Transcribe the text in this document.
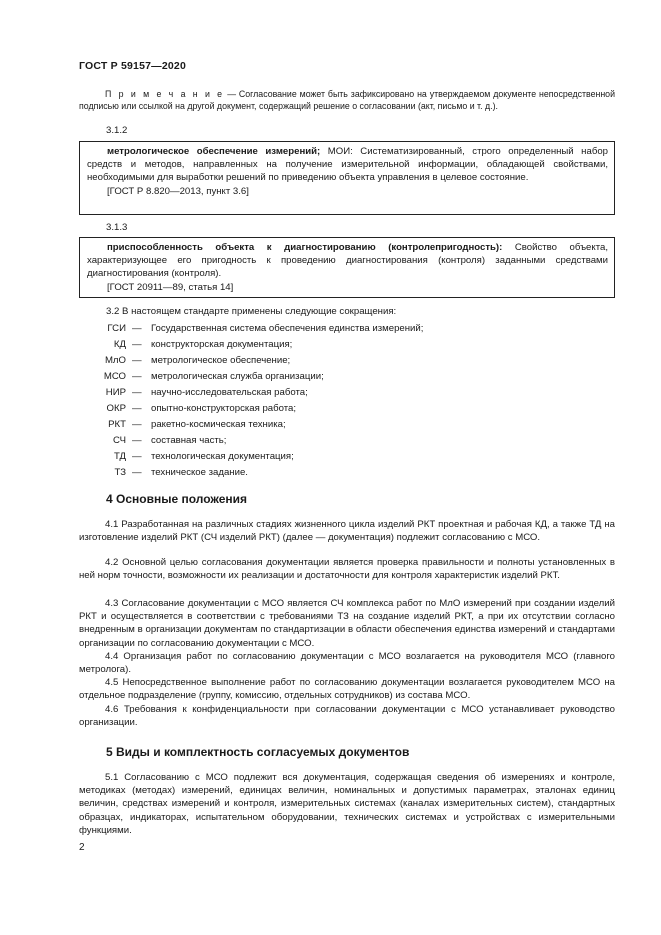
ГОСТ Р 59157—2020

П р и м е ч а н и е — Согласование может быть зафиксировано на утверждаемом документе непосредственной подписью или ссылкой на другой документ, содержащий решение о согласовании (акт, письмо и т. д.).

3.1.2

метрологическое обеспечение измерений; МОИ: Систематизированный, строго определенный набор средств и методов, направленных на получение измерительной информации, обладающей свойствами, необходимыми для выработки решений по приведению объекта управления в целевое состояние.

[ГОСТ Р 8.820—2013, пункт 3.6]

3.1.3

приспособленность объекта к диагностированию (контролепригодность): Свойство объекта, характеризующее его пригодность к проведению диагностирования (контроля) заданными средствами диагностирования (контроля).

[ГОСТ 20911—89, статья 14]

3.2 В настоящем стандарте применены следующие сокращения:
ГСИ — Государственная система обеспечения единства измерений;
КД — конструкторская документация;
МлО — метрологическое обеспечение;
МСО — метрологическая служба организации;
НИР — научно-исследовательская работа;
ОКР — опытно-конструкторская работа;
РКТ — ракетно-космическая техника;
СЧ — составная часть;
ТД — технологическая документация;
ТЗ — техническое задание.
4 Основные положения

4.1 Разработанная на различных стадиях жизненного цикла изделий РКТ проектная и рабочая КД, а также ТД на изготовление изделий РКТ (СЧ изделий РКТ) (далее — документация) подлежит согласованию с МСО.

4.2 Основной целью согласования документации является проверка правильности и полноты установленных в ней норм точности, возможности их реализации и достаточности для контроля характеристик изделий РКТ.

4.3 Согласование документации с МСО является СЧ комплекса работ по МлО измерений при создании изделий РКТ и осуществляется в соответствии с требованиями ТЗ на создание изделий РКТ, а при их отсутствии согласно внедренным в организации документам по стандартизации в области обеспечения единства измерений и стандартами организации по согласованию документации с МСО.

4.4 Организация работ по согласованию документации с МСО возлагается на руководителя МСО (главного метролога).

4.5 Непосредственное выполнение работ по согласованию документации возлагается руководителем МСО на отдельное подразделение (группу, комиссию, отдельных сотрудников) из состава МСО.

4.6 Требования к конфиденциальности при согласовании документации с МСО устанавливает руководство организации.

5 Виды и комплектность согласуемых документов

5.1 Согласованию с МСО подлежит вся документация, содержащая сведения об измерениях и контроле, методиках (методах) измерений, единицах величин, номинальных и допустимых параметрах, эталонах единиц величин, средствах измерений и контроля, измерительных системах (каналах измерительных систем), стандартных образцах, индикаторах, испытательном оборудовании, технических системах и устройствах с измерительными функциями.

2
